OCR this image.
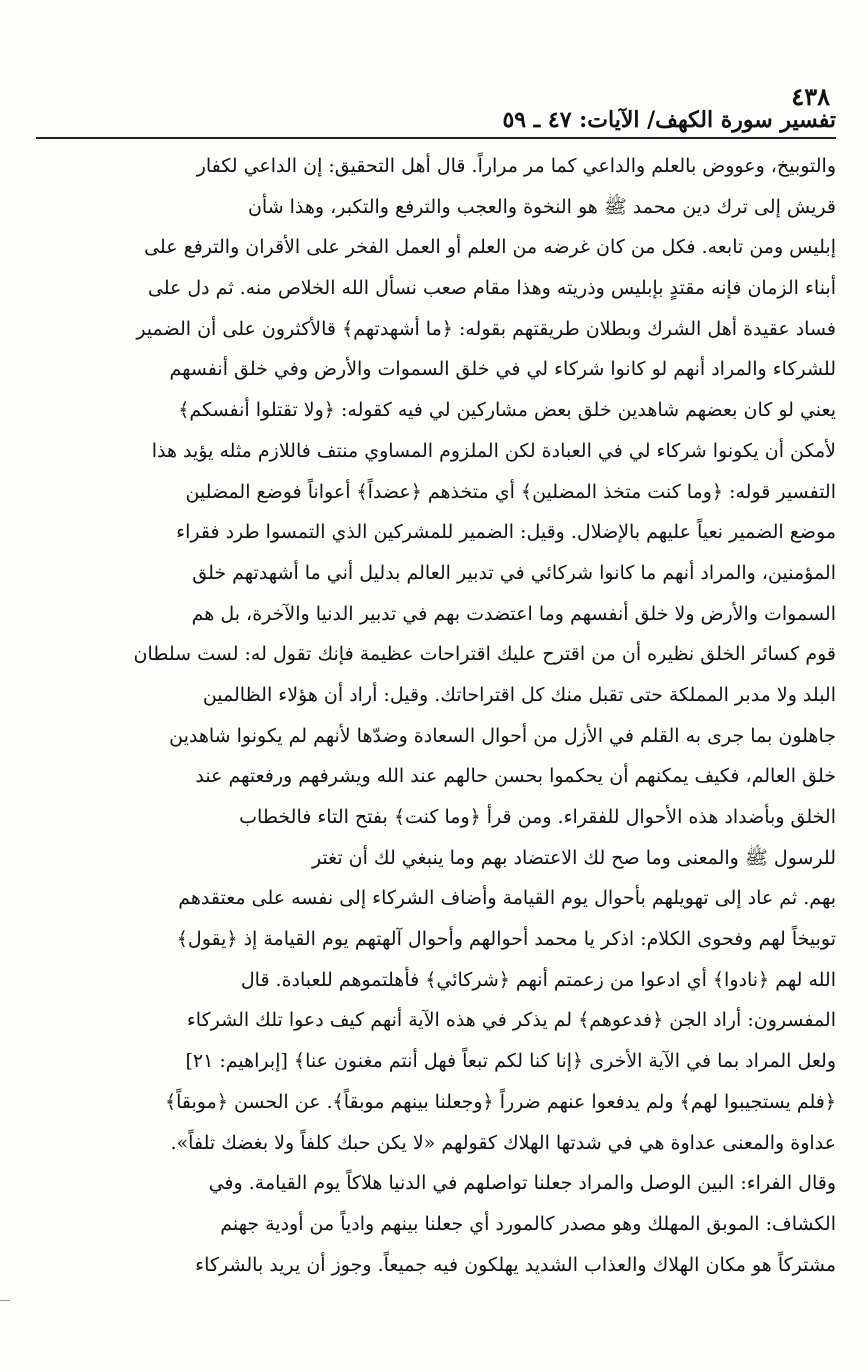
٤٣٨
تفسير سورة الكهف/ الآيات: ٤٧ ـ ٥٩
والتوبيخ، وعووض بالعلم والداعي كما مر مراراً. قال أهل التحقيق: إن الداعي لكفار
قريش إلى ترك دين محمد ﷺ هو النخوة والعجب والترفع والتكبر، وهذا شأن
إبليس ومن تابعه. فكل من كان غرضه من العلم أو العمل الفخر على الأقران والترفع على
أبناء الزمان فإنه مقتدٍ بإبليس وذريته وهذا مقام صعب نسأل الله الخلاص منه. ثم دل على
فساد عقيدة أهل الشرك وبطلان طريقتهم بقوله: ﴿ما أشهدتهم﴾ قالأكثرون على أن الضمير
للشركاء والمراد أنهم لو كانوا شركاء لي في خلق السموات والأرض وفي خلق أنفسهم
يعني لو كان بعضهم شاهدين خلق بعض مشاركين لي فيه كقوله: ﴿ولا تقتلوا أنفسكم﴾
لأمكن أن يكونوا شركاء لي في العبادة لكن الملزوم المساوي منتف فاللازم مثله يؤيد هذا
التفسير قوله: ﴿وما كنت متخذ المضلين﴾ أي متخذهم ﴿عضداً﴾ أعواناً فوضع المضلين
موضع الضمير نعياً عليهم بالإضلال. وقيل: الضمير للمشركين الذي التمسوا طرد فقراء
المؤمنين، والمراد أنهم ما كانوا شركائي في تدبير العالم بدليل أني ما أشهدتهم خلق
السموات والأرض ولا خلق أنفسهم وما اعتضدت بهم في تدبير الدنيا والآخرة، بل هم
قوم كسائر الخلق نظيره أن من اقترح عليك اقتراحات عظيمة فإنك تقول له: لست سلطان
البلد ولا مدبر المملكة حتى تقبل منك كل اقتراحاتك. وقيل: أراد أن هؤلاء الظالمين
جاهلون بما جرى به القلم في الأزل من أحوال السعادة وضدّها لأنهم لم يكونوا شاهدين
خلق العالم، فكيف يمكنهم أن يحكموا بحسن حالهم عند الله ويشرفهم ورفعتهم عند
الخلق وبأضداد هذه الأحوال للفقراء. ومن قرأ ﴿وما كنت﴾ بفتح التاء فالخطاب
للرسول ﷺ والمعنى وما صح لك الاعتضاد بهم وما ينبغي لك أن تغتر
بهم. ثم عاد إلى تهويلهم بأحوال يوم القيامة وأضاف الشركاء إلى نفسه على معتقدهم
توبيخاً لهم وفحوى الكلام: اذكر يا محمد أحوالهم وأحوال آلهتهم يوم القيامة إذ ﴿يقول﴾
الله لهم ﴿نادوا﴾ أي ادعوا من زعمتم أنهم ﴿شركائي﴾ فأهلتموهم للعبادة. قال
المفسرون: أراد الجن ﴿فدعوهم﴾ لم يذكر في هذه الآية أنهم كيف دعوا تلك الشركاء
ولعل المراد بما في الآية الأخرى ﴿إنا كنا لكم تبعاً فهل أنتم مغنون عنا﴾ [إبراهيم: ٢١]
﴿فلم يستجيبوا لهم﴾ ولم يدفعوا عنهم ضرراً ﴿وجعلنا بينهم موبقاً﴾. عن الحسن ﴿موبقاً﴾
عداوة والمعنى عداوة هي في شدتها الهلاك كقولهم «لا يكن حبك كلفاً ولا بغضك تلفاً».
وقال الفراء: البين الوصل والمراد جعلنا تواصلهم في الدنيا هلاكاً يوم القيامة. وفي
الكشاف: الموبق المهلك وهو مصدر كالمورد أي جعلنا بينهم وادياً من أودية جهنم
مشتركاً هو مكان الهلاك والعذاب الشديد يهلكون فيه جميعاً. وجوز أن يريد بالشركاء
